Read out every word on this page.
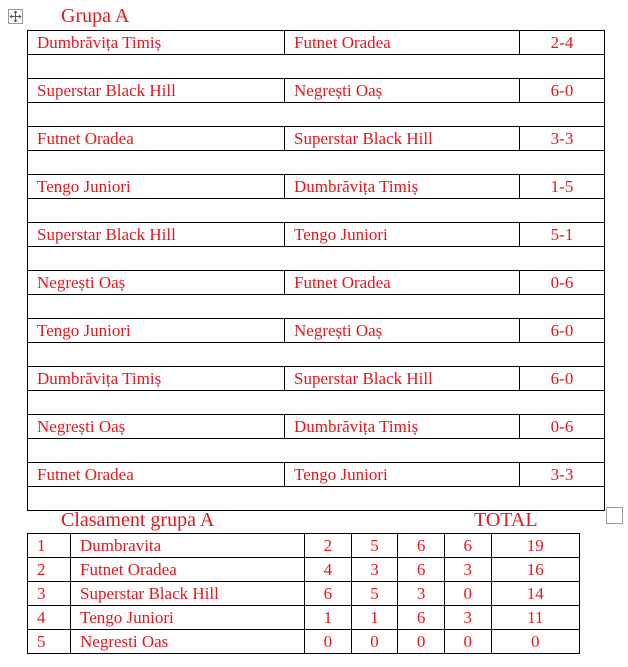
Grupa A
Dumbrăvița Timiș	Futnet Oradea	2-4

Superstar Black Hill	Negrești Oaș	6-0

Futnet Oradea	Superstar Black Hill	3-3

Tengo Juniori	Dumbrăvița Timiș	1-5

Superstar Black Hill	Tengo Juniori	5-1

Negrești Oaș	Futnet Oradea	0-6

Tengo Juniori	Negrești Oaș	6-0

Dumbrăvița Timiș	Superstar Black Hill	6-0

Negrești Oaș	Dumbrăvița Timiș	0-6

Futnet Oradea	Tengo Juniori	3-3

Clasament grupa A	TOTAL
1	Dumbravita	2	5	6	6	19
2	Futnet Oradea	4	3	6	3	16
3	Superstar Black Hill	6	5	3	0	14
4	Tengo Juniori	1	1	6	3	11
5	Negresti Oas	0	0	0	0	0
